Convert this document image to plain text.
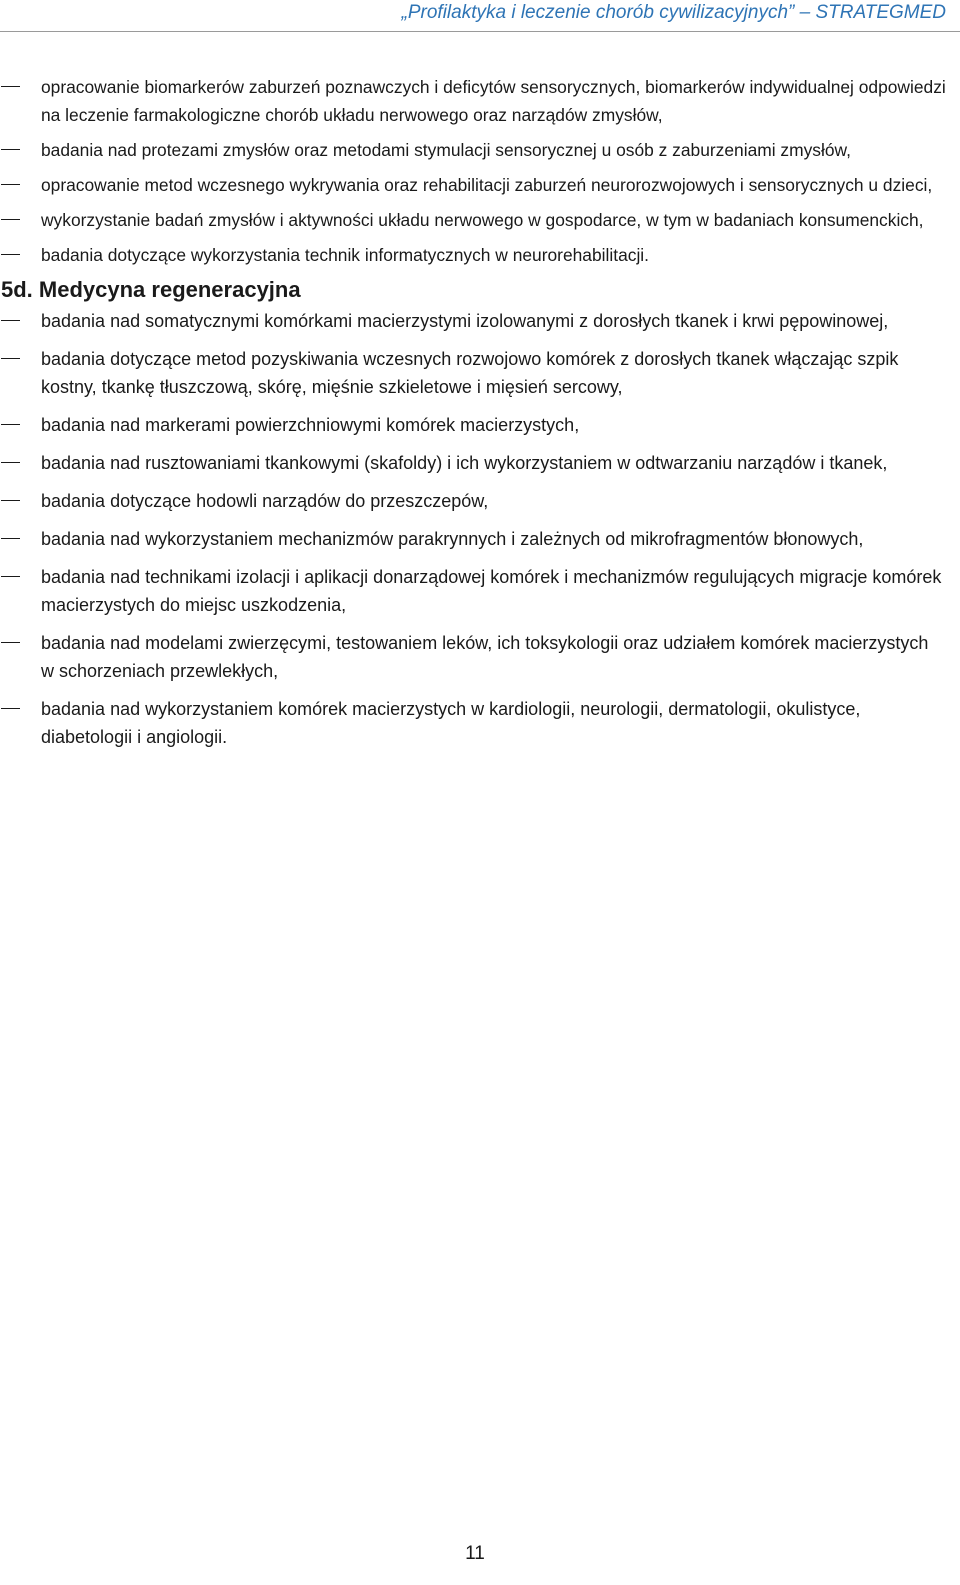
„Profilaktyka i leczenie chorób cywilizacyjnych” – STRATEGMED
opracowanie biomarkerów zaburzeń poznawczych i deficytów sensorycznych, biomarkerów indywidualnej odpowiedzi na leczenie farmakologiczne chorób układu nerwowego oraz narządów zmysłów,
badania nad protezami zmysłów oraz metodami stymulacji sensorycznej u osób z zaburzeniami zmysłów,
opracowanie metod wczesnego wykrywania oraz rehabilitacji zaburzeń neurorozwojowych i sensorycznych u dzieci,
wykorzystanie badań zmysłów i aktywności układu nerwowego w gospodarce, w tym w badaniach konsumenckich,
badania dotyczące wykorzystania technik informatycznych w neurorehabilitacji.
5d. Medycyna regeneracyjna
badania nad somatycznymi komórkami macierzystymi izolowanymi z dorosłych tkanek i krwi pępowinowej,
badania dotyczące metod pozyskiwania wczesnych rozwojowo komórek z dorosłych tkanek włączając szpik kostny, tkankę tłuszczową, skórę, mięśnie szkieletowe i mięsień sercowy,
badania nad markerami powierzchniowymi komórek macierzystych,
badania nad rusztowaniami tkankowymi (skafoldy) i ich wykorzystaniem w odtwarzaniu narządów i tkanek,
badania dotyczące hodowli narządów do przeszczepów,
badania nad wykorzystaniem mechanizmów parakrynnych i zależnych od mikrofragmentów błonowych,
badania nad technikami izolacji i aplikacji donarządowej komórek i mechanizmów regulujących migracje komórek macierzystych do miejsc uszkodzenia,
badania nad modelami zwierzęcymi, testowaniem leków, ich toksykologii oraz udziałem komórek macierzystych w schorzeniach przewlekłych,
badania nad wykorzystaniem komórek macierzystych w kardiologii, neurologii, dermatologii, okulistyce, diabetologii i angiologii.
11
